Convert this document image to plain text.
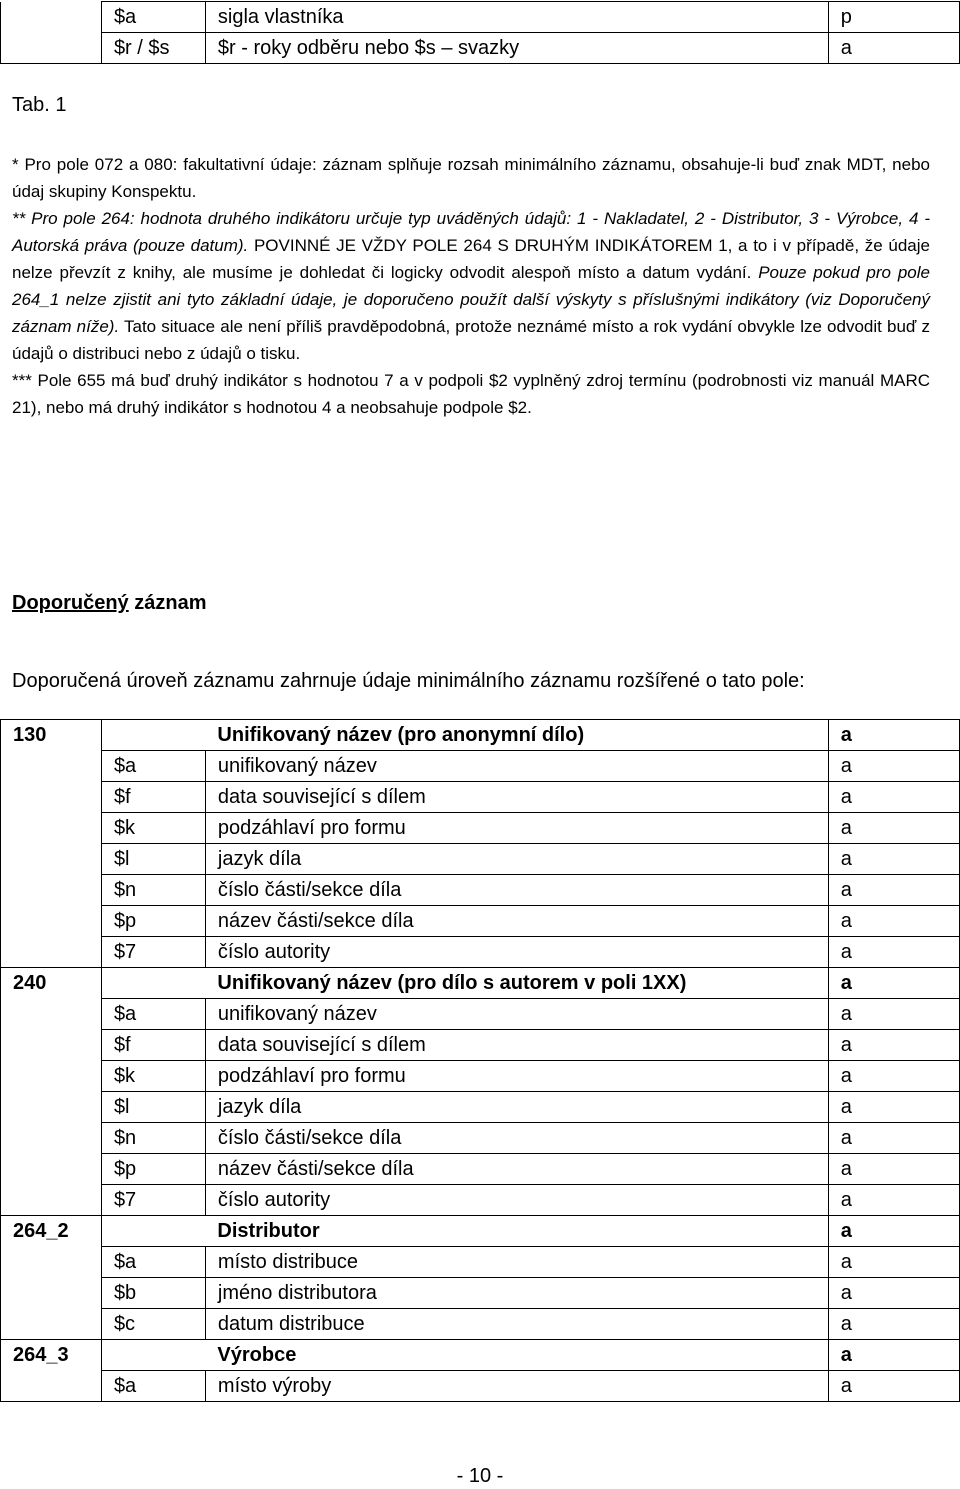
	$a	sigla vlastníka	p
	$r / $s	$r - roky odběru nebo $s – svazky	a
Tab. 1

* Pro pole 072 a 080: fakultativní údaje: záznam splňuje rozsah minimálního záznamu, obsahuje-li buď znak MDT, nebo údaj skupiny Konspektu.

** Pro pole 264: hodnota druhého indikátoru určuje typ uváděných údajů: 1 - Nakladatel, 2 - Distributor, 3 - Výrobce, 4 - Autorská práva (pouze datum). POVINNÉ JE VŽDY POLE 264 S DRUHÝM INDIKÁTOREM 1, a to i v případě, že údaje nelze převzít z knihy, ale musíme je dohledat či logicky odvodit alespoň místo a datum vydání. Pouze pokud pro pole 264_1 nelze zjistit ani tyto základní údaje, je doporučeno použít další výskyty s příslušnými indikátory (viz Doporučený záznam níže). Tato situace ale není příliš pravděpodobná, protože neznámé místo a rok vydání obvykle lze odvodit buď z údajů o distribuci nebo z údajů o tisku.

*** Pole 655 má buď druhý indikátor s hodnotou 7 a v podpoli $2 vyplněný zdroj termínu (podrobnosti viz manuál MARC 21), nebo má druhý indikátor s hodnotou 4 a neobsahuje podpole $2.

Doporučený záznam
Doporučená úroveň záznamu zahrnuje údaje minimálního záznamu rozšířené o tato pole:
130		Unifikovaný název (pro anonymní dílo)	a
	$a	unifikovaný název	a
	$f	data související s dílem	a
	$k	podzáhlaví pro formu	a
	$l	jazyk díla	a
	$n	číslo části/sekce díla	a
	$p	název části/sekce díla	a
	$7	číslo autority	a
240		Unifikovaný název (pro dílo s autorem v poli 1XX)	a
	$a	unifikovaný název	a
	$f	data související s dílem	a
	$k	podzáhlaví pro formu	a
	$l	jazyk díla	a
	$n	číslo části/sekce díla	a
	$p	název části/sekce díla	a
	$7	číslo autority	a
264_2		Distributor	a
	$a	místo distribuce	a
	$b	jméno distributora	a
	$c	datum distribuce	a
264_3		Výrobce	a
	$a	místo výroby	a
- 10 -
